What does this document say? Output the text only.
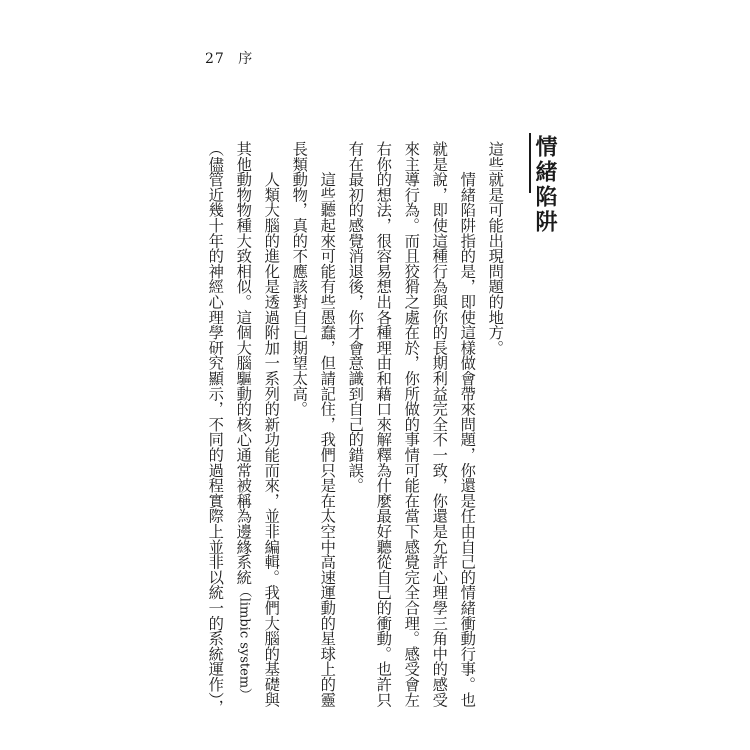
27 序
情緒陷阱
這些就是可能出現問題的地方。
　　情緒陷阱指的是，即使這樣做會帶來問題，你還是任由自己的情緒衝動行事。也
就是說，即使這種行為與你的長期利益完全不一致，你還是允許心理學三角中的感受
來主導行為。而且狡猾之處在於，你所做的事情可能在當下感覺完全合理。感受會左
右你的想法，很容易想出各種理由和藉口來解釋為什麼最好聽從自己的衝動。也許只
有在最初的感覺消退後，你才會意識到自己的錯誤。
　　這些聽起來可能有些愚蠢，但請記住，我們只是在太空中高速運動的星球上的靈
長類動物，真的不應該對自己期望太高。
　　人類大腦的進化是透過附加一系列的新功能而來，並非編輯。我們大腦的基礎與
其他動物物種大致相似。這個大腦驅動的核心通常被稱為邊緣系統（limbic system）
（儘管近幾十年的神經心理學研究顯示，不同的過程實際上並非以統一的系統運作），
